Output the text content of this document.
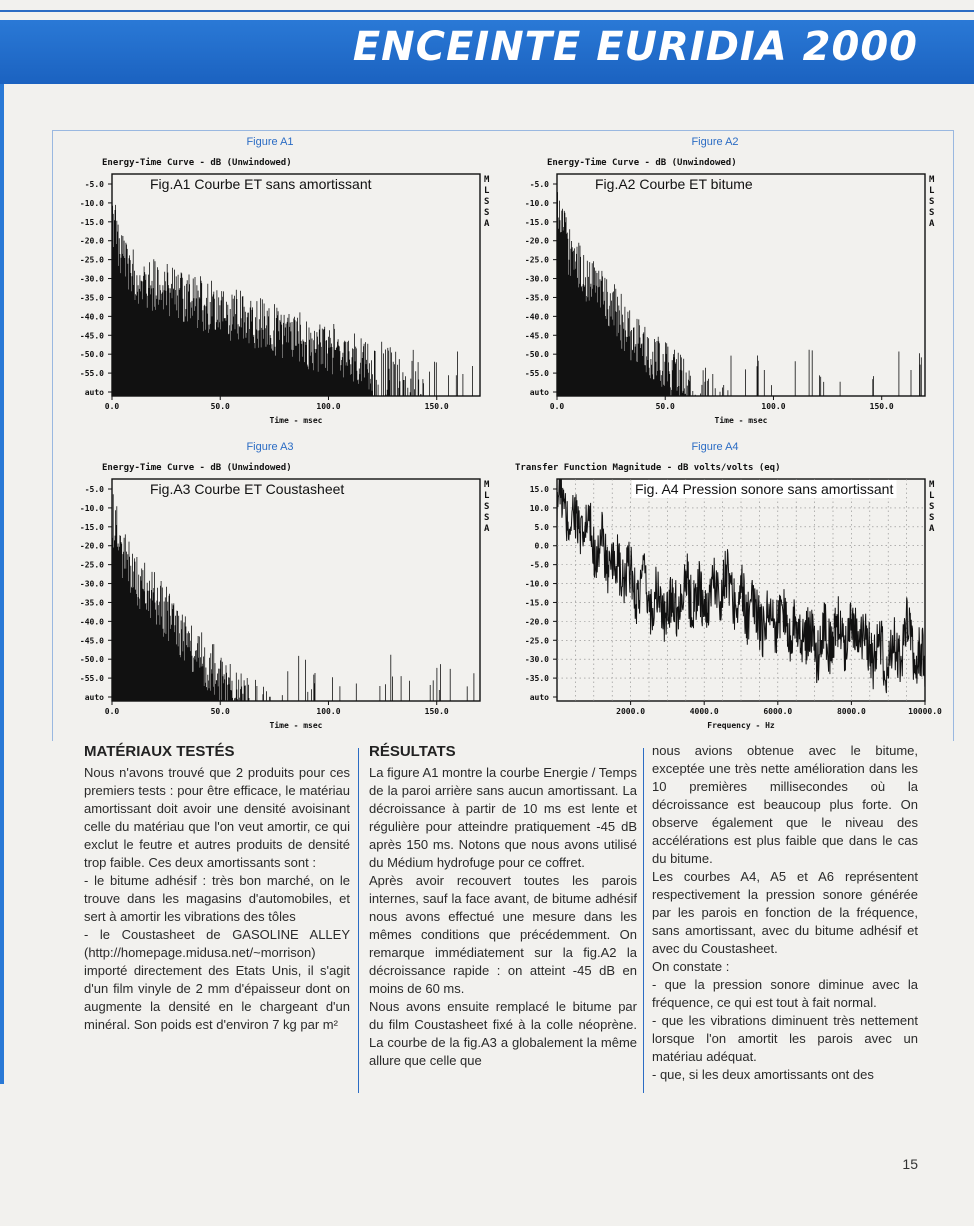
ENCEINTE EURIDIA 2000
Figure A1
Energy-Time Curve - dB (Unwindowed)
M
L
S
S
A
-5.0
-10.0
-15.0
-20.0
-25.0
-30.0
-35.0
-40.0
-45.0
-50.0
-55.0
auto
0.0	50.0	100.0	150.0
Time - msec
Fig.A1 Courbe ET sans amortissant
Figure A2
Energy-Time Curve - dB (Unwindowed)
M
L
S
S
A
-5.0
-10.0
-15.0
-20.0
-25.0
-30.0
-35.0
-40.0
-45.0
-50.0
-55.0
auto
0.0	50.0	100.0	150.0
Time - msec
Fig.A2 Courbe ET bitume
Figure A3
Energy-Time Curve - dB (Unwindowed)
M
L
S
S
A
-5.0
-10.0
-15.0
-20.0
-25.0
-30.0
-35.0
-40.0
-45.0
-50.0
-55.0
auto
0.0	50.0	100.0	150.0
Time - msec
Fig.A3 Courbe ET Coustasheet
Figure A4
Transfer Function Magnitude - dB volts/volts (eq)
M
L
S
S
A
15.0
10.0
5.0
0.0
-5.0
-10.0
-15.0
-20.0
-25.0
-30.0
-35.0
auto
2000.0	4000.0	6000.0	8000.0	10000.0
Frequency - Hz
Fig. A4 Pression sonore sans amortissant
MATÉRIAUX TESTÉS

Nous n'avons trouvé que 2 produits pour ces premiers tests : pour être efficace, le matériau amortissant doit avoir une densité avoisinant celle du matériau que l'on veut amortir, ce qui exclut le feutre et autres produits de densité trop faible. Ces deux amortissants sont :

- le bitume adhésif : très bon marché, on le trouve dans les magasins d'automobiles, et sert à amortir les vibrations des tôles

- le Coustasheet de GASOLINE ALLEY (http://homepage.midusa.net/~morrison) importé directement des Etats Unis, il s'agit d'un film vinyle de 2 mm d'épaisseur dont on augmente la densité en le chargeant d'un minéral. Son poids est d'environ 7 kg par m²

RÉSULTATS

La figure A1 montre la courbe Energie / Temps de la paroi arrière sans aucun amortissant. La décroissance à partir de 10 ms est lente et régulière pour atteindre pratiquement -45 dB après 150 ms. Notons que nous avons utilisé du Médium hydrofuge pour ce coffret.

Après avoir recouvert toutes les parois internes, sauf la face avant, de bitume adhésif nous avons effectué une mesure dans les mêmes conditions que précédemment. On remarque immédiatement sur la fig.A2 la décroissance rapide : on atteint -45 dB en moins de 60 ms.

Nous avons ensuite remplacé le bitume par du film Coustasheet fixé à la colle néoprène. La courbe de la fig.A3 a globalement la même allure que celle que

nous avions obtenue avec le bitume, exceptée une très nette amélioration dans les 10 premières millisecondes où la décroissance est beaucoup plus forte. On observe également que le niveau des accélérations est plus faible que dans le cas du bitume.

Les courbes A4, A5 et A6 représentent respectivement la pression sonore générée par les parois en fonction de la fréquence, sans amortissant, avec du bitume adhésif et avec du Coustasheet.

On constate :

- que la pression sonore diminue avec la fréquence, ce qui est tout à fait normal.

- que les vibrations diminuent très nettement lorsque l'on amortit les parois avec un matériau adéquat.

- que, si les deux amortissants ont des

15
